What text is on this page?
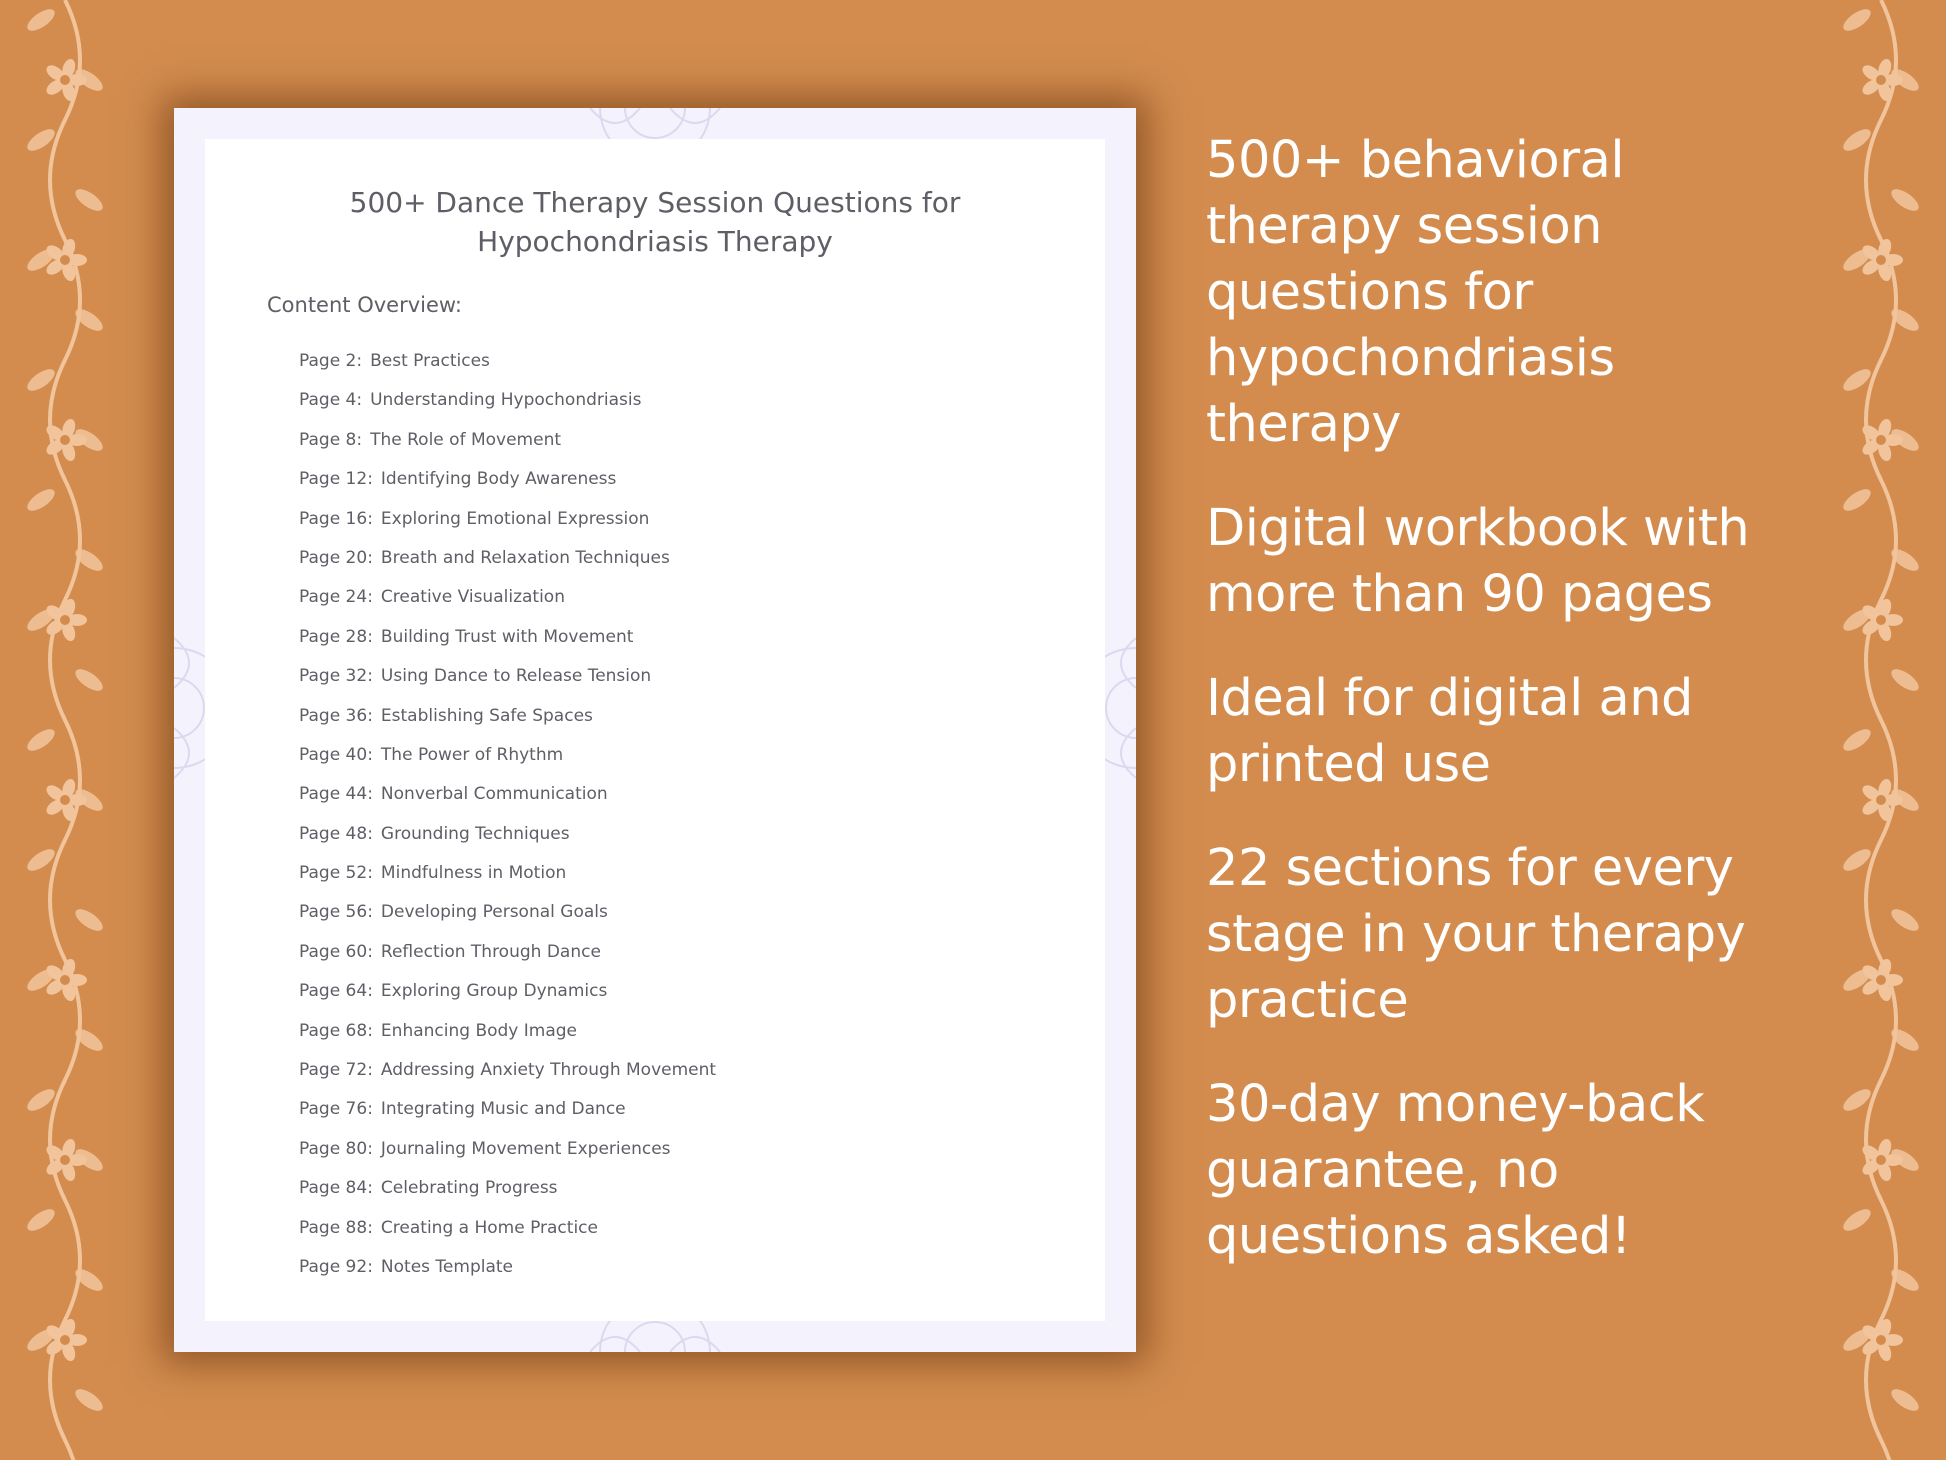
500+ Dance Therapy Session Questions for
Hypochondriasis Therapy
Content Overview:
Page 2: Best Practices
Page 4: Understanding Hypochondriasis
Page 8: The Role of Movement
Page 12: Identifying Body Awareness
Page 16: Exploring Emotional Expression
Page 20: Breath and Relaxation Techniques
Page 24: Creative Visualization
Page 28: Building Trust with Movement
Page 32: Using Dance to Release Tension
Page 36: Establishing Safe Spaces
Page 40: The Power of Rhythm
Page 44: Nonverbal Communication
Page 48: Grounding Techniques
Page 52: Mindfulness in Motion
Page 56: Developing Personal Goals
Page 60: Reflection Through Dance
Page 64: Exploring Group Dynamics
Page 68: Enhancing Body Image
Page 72: Addressing Anxiety Through Movement
Page 76: Integrating Music and Dance
Page 80: Journaling Movement Experiences
Page 84: Celebrating Progress
Page 88: Creating a Home Practice
Page 92: Notes Template
500+ behavioral
therapy session
questions for
hypochondriasis
therapy
Digital workbook with
more than 90 pages
Ideal for digital and
printed use
22 sections for every
stage in your therapy
practice
30-day money-back
guarantee, no
questions asked!
